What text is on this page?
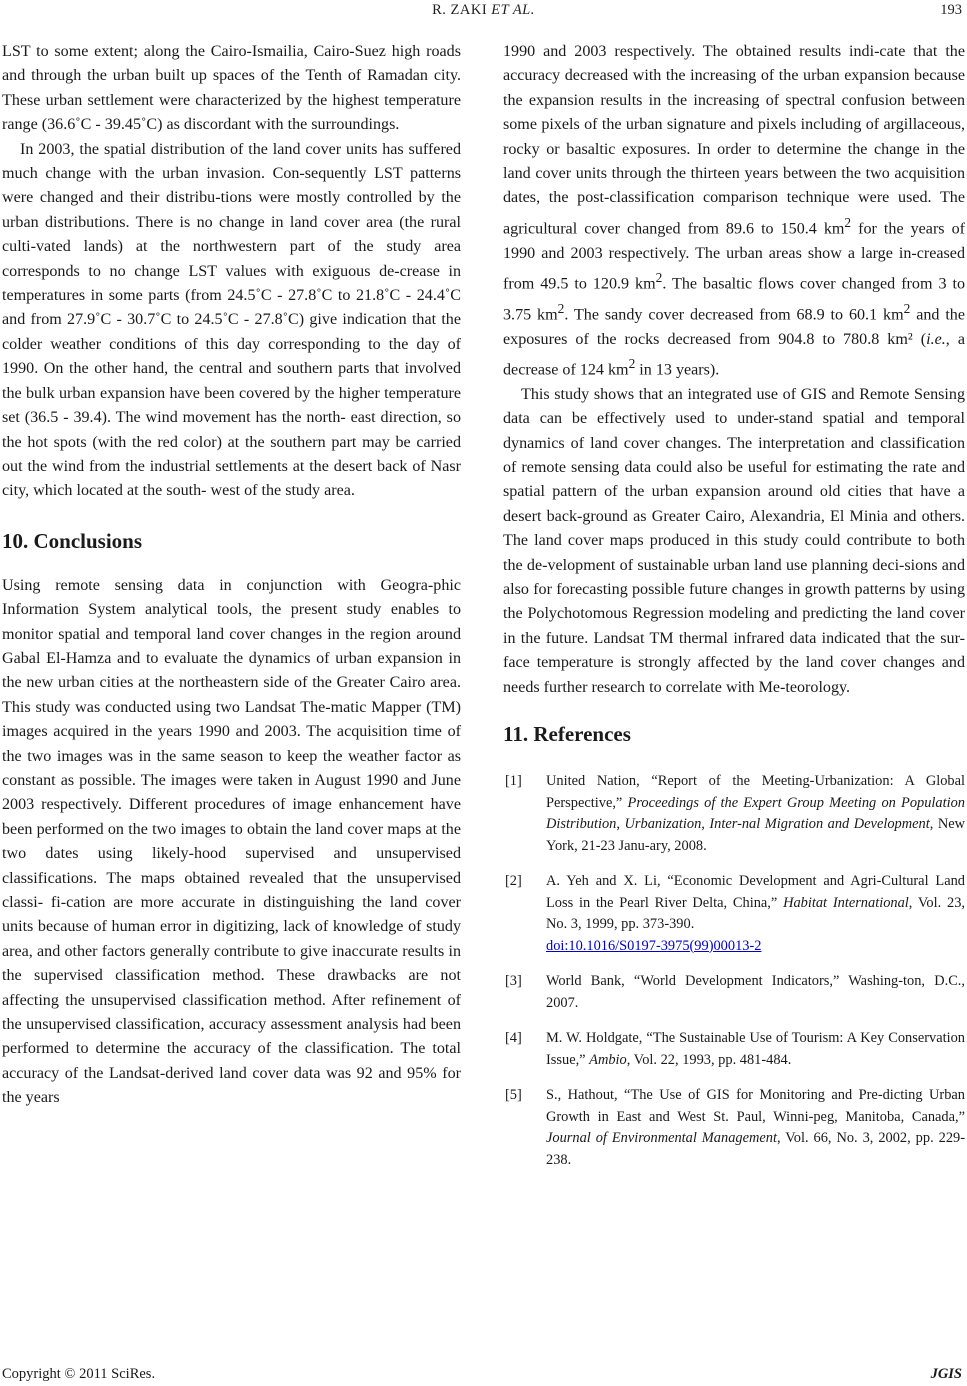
R. ZAKI ET AL.	193

LST to some extent; along the Cairo-Ismailia, Cairo-Suez high roads and through the urban built up spaces of the Tenth of Ramadan city. These urban settlement were characterized by the highest temperature range (36.6˚C - 39.45˚C) as discordant with the surroundings.

In 2003, the spatial distribution of the land cover units has suffered much change with the urban invasion. Con-sequently LST patterns were changed and their distribu-tions were mostly controlled by the urban distributions. There is no change in land cover area (the rural culti-vated lands) at the northwestern part of the study area corresponds to no change LST values with exiguous de-crease in temperatures in some parts (from 24.5˚C - 27.8˚C to 21.8˚C - 24.4˚C and from 27.9˚C - 30.7˚C to 24.5˚C - 27.8˚C) give indication that the colder weather conditions of this day corresponding to the day of 1990. On the other hand, the central and southern parts that involved the bulk urban expansion have been covered by the higher temperature set (36.5 - 39.4). The wind movement has the north- east direction, so the hot spots (with the red color) at the southern part may be carried out the wind from the industrial settlements at the desert back of Nasr city, which located at the south- west of the study area.

10. Conclusions

Using remote sensing data in conjunction with Geogra-phic Information System analytical tools, the present study enables to monitor spatial and temporal land cover changes in the region around Gabal El-Hamza and to evaluate the dynamics of urban expansion in the new urban cities at the northeastern side of the Greater Cairo area. This study was conducted using two Landsat The-matic Mapper (TM) images acquired in the years 1990 and 2003. The acquisition time of the two images was in the same season to keep the weather factor as constant as possible. The images were taken in August 1990 and June 2003 respectively. Different procedures of image enhancement have been performed on the two images to obtain the land cover maps at the two dates using likely-hood supervised and unsupervised classifications. The maps obtained revealed that the unsupervised classi- fi-cation are more accurate in distinguishing the land cover units because of human error in digitizing, lack of knowledge of study area, and other factors generally contribute to give inaccurate results in the supervised classification method. These drawbacks are not affecting the unsupervised classification method. After refinement of the unsupervised classification, accuracy assessment analysis had been performed to determine the accuracy of the classification. The total accuracy of the Landsat-derived land cover data was 92 and 95% for the years

1990 and 2003 respectively. The obtained results indi-cate that the accuracy decreased with the increasing of the urban expansion because the expansion results in the increasing of spectral confusion between some pixels of the urban signature and pixels including of argillaceous, rocky or basaltic exposures. In order to determine the change in the land cover units through the thirteen years between the two acquisition dates, the post-classification comparison technique were used. The agricultural cover changed from 89.6 to 150.4 $km^2$ for the years of 1990 and 2003 respectively. The urban areas show a large in-creased from 49.5 to 120.9 $km^2$. The basaltic flows cover changed from 3 to 3.75 $km^2$. The sandy cover decreased from 68.9 to 60.1 $km^2$ and the exposures of the rocks decreased from 904.8 to 780.8 km² (i.e., a decrease of 124 $km^2$ in 13 years).

This study shows that an integrated use of GIS and Remote Sensing data can be effectively used to under-stand spatial and temporal dynamics of land cover changes. The interpretation and classification of remote sensing data could also be useful for estimating the rate and spatial pattern of the urban expansion around old cities that have a desert back-ground as Greater Cairo, Alexandria, El Minia and others. The land cover maps produced in this study could contribute to both the de-velopment of sustainable urban land use planning deci-sions and also for forecasting possible future changes in growth patterns by using the Polychotomous Regression modeling and predicting the land cover in the future. Landsat TM thermal infrared data indicated that the sur-face temperature is strongly affected by the land cover changes and needs further research to correlate with Me-teorology.

11. References
[1] United Nation, “Report of the Meeting-Urbanization: A Global Perspective,” Proceedings of the Expert Group Meeting on Population Distribution, Urbanization, Inter-nal Migration and Development, New York, 21-23 Janu-ary, 2008.
[2] A. Yeh and X. Li, “Economic Development and Agri-Cultural Land Loss in the Pearl River Delta, China,” Habitat International, Vol. 23, No. 3, 1999, pp. 373-390.
doi:10.1016/S0197-3975(99)00013-2
[3] World Bank, “World Development Indicators,” Washing-ton, D.C., 2007.
[4] M. W. Holdgate, “The Sustainable Use of Tourism: A Key Conservation Issue,” Ambio, Vol. 22, 1993, pp. 481-484.
[5] S., Hathout, “The Use of GIS for Monitoring and Pre-dicting Urban Growth in East and West St. Paul, Winni-peg, Manitoba, Canada,” Journal of Environmental Management, Vol. 66, No. 3, 2002, pp. 229-238.
Copyright © 2011 SciRes.	JGIS
